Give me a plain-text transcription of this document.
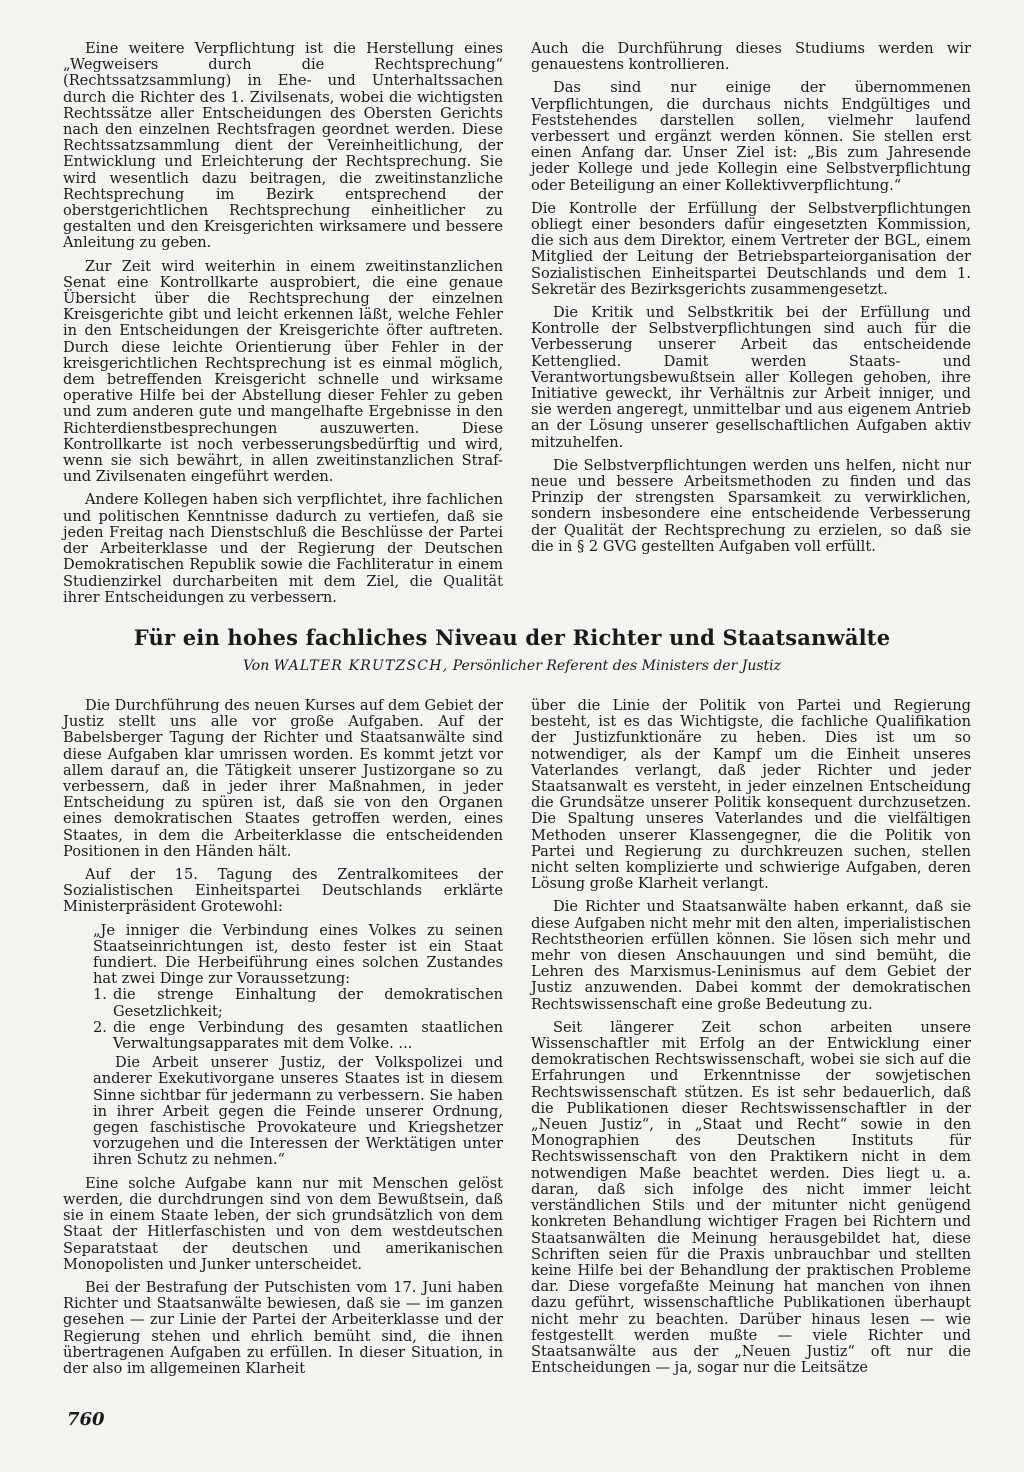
Eine weitere Verpflichtung ist die Herstellung eines „Wegweisers durch die Rechtsprechung“ (Rechtssatzsammlung) in Ehe- und Unterhaltssachen durch die Richter des 1. Zivilsenats, wobei die wichtigsten Rechtssätze aller Entscheidungen des Obersten Gerichts nach den einzelnen Rechtsfragen geordnet werden. Diese Rechtssatzsammlung dient der Vereinheitlichung, der Entwicklung und Erleichterung der Rechtsprechung. Sie wird wesentlich dazu beitragen, die zweitinstanzliche Rechtsprechung im Bezirk entsprechend der oberstgerichtlichen Rechtsprechung einheitlicher zu gestalten und den Kreisgerichten wirksamere und bessere Anleitung zu geben.

Zur Zeit wird weiterhin in einem zweitinstanzlichen Senat eine Kontrollkarte ausprobiert, die eine genaue Übersicht über die Rechtsprechung der einzelnen Kreisgerichte gibt und leicht erkennen läßt, welche Fehler in den Entscheidungen der Kreisgerichte öfter auftreten. Durch diese leichte Orientierung über Fehler in der kreisgerichtlichen Rechtsprechung ist es einmal möglich, dem betreffenden Kreisgericht schnelle und wirksame operative Hilfe bei der Abstellung dieser Fehler zu geben und zum anderen gute und mangelhafte Ergebnisse in den Richterdienstbesprechungen auszuwerten. Diese Kontrollkarte ist noch verbesserungsbedürftig und wird, wenn sie sich bewährt, in allen zweitinstanzlichen Straf- und Zivilsenaten eingeführt werden.

Andere Kollegen haben sich verpflichtet, ihre fachlichen und politischen Kenntnisse dadurch zu vertiefen, daß sie jeden Freitag nach Dienstschluß die Beschlüsse der Partei der Arbeiterklasse und der Regierung der Deutschen Demokratischen Republik sowie die Fachliteratur in einem Studienzirkel durcharbeiten mit dem Ziel, die Qualität ihrer Entscheidungen zu verbessern.

Auch die Durchführung dieses Studiums werden wir genauestens kontrollieren.

Das sind nur einige der übernommenen Verpflichtungen, die durchaus nichts Endgültiges und Feststehendes darstellen sollen, vielmehr laufend verbessert und ergänzt werden können. Sie stellen erst einen Anfang dar. Unser Ziel ist: „Bis zum Jahresende jeder Kollege und jede Kollegin eine Selbstverpflichtung oder Beteiligung an einer Kollektivverpflichtung.“

Die Kontrolle der Erfüllung der Selbstverpflichtungen obliegt einer besonders dafür eingesetzten Kommission, die sich aus dem Direktor, einem Vertreter der BGL, einem Mitglied der Leitung der Betriebsparteiorganisation der Sozialistischen Einheitspartei Deutschlands und dem 1. Sekretär des Bezirksgerichts zusammengesetzt.

Die Kritik und Selbstkritik bei der Erfüllung und Kontrolle der Selbstverpflichtungen sind auch für die Verbesserung unserer Arbeit das entscheidende Kettenglied. Damit werden Staats- und Verantwortungsbewußtsein aller Kollegen gehoben, ihre Initiative geweckt, ihr Verhältnis zur Arbeit inniger, und sie werden angeregt, unmittelbar und aus eigenem Antrieb an der Lösung unserer gesellschaftlichen Aufgaben aktiv mitzuhelfen.

Die Selbstverpflichtungen werden uns helfen, nicht nur neue und bessere Arbeitsmethoden zu finden und das Prinzip der strengsten Sparsamkeit zu verwirklichen, sondern insbesondere eine entscheidende Verbesserung der Qualität der Rechtsprechung zu erzielen, so daß sie die in § 2 GVG gestellten Aufgaben voll erfüllt.

Für ein hohes fachliches Niveau der Richter und Staatsanwälte
Von WALTER KRUTZSCH, Persönlicher Referent des Ministers der Justiz

Die Durchführung des neuen Kurses auf dem Gebiet der Justiz stellt uns alle vor große Aufgaben. Auf der Babelsberger Tagung der Richter und Staatsanwälte sind diese Aufgaben klar umrissen worden. Es kommt jetzt vor allem darauf an, die Tätigkeit unserer Justizorgane so zu verbessern, daß in jeder ihrer Maßnahmen, in jeder Entscheidung zu spüren ist, daß sie von den Organen eines demokratischen Staates getroffen werden, eines Staates, in dem die Arbeiterklasse die entscheidenden Positionen in den Händen hält.

Auf der 15. Tagung des Zentralkomitees der Sozialistischen Einheitspartei Deutschlands erklärte Ministerpräsident Grotewohl:

„Je inniger die Verbindung eines Volkes zu seinen Staatseinrichtungen ist, desto fester ist ein Staat fundiert. Die Herbeiführung eines solchen Zustandes hat zwei Dinge zur Voraussetzung:

1. die strenge Einhaltung der demokratischen Gesetzlichkeit;
2. die enge Verbindung des gesamten staatlichen Verwaltungsapparates mit dem Volke. ...

Die Arbeit unserer Justiz, der Volkspolizei und anderer Exekutivorgane unseres Staates ist in diesem Sinne sichtbar für jedermann zu verbessern. Sie haben in ihrer Arbeit gegen die Feinde unserer Ordnung, gegen faschistische Provokateure und Kriegshetzer vorzugehen und die Interessen der Werktätigen unter ihren Schutz zu nehmen.“

Eine solche Aufgabe kann nur mit Menschen gelöst werden, die durchdrungen sind von dem Bewußtsein, daß sie in einem Staate leben, der sich grundsätzlich von dem Staat der Hitlerfaschisten und von dem westdeutschen Separatstaat der deutschen und amerikanischen Monopolisten und Junker unterscheidet.

Bei der Bestrafung der Putschisten vom 17. Juni haben Richter und Staatsanwälte bewiesen, daß sie — im ganzen gesehen — zur Linie der Partei der Arbeiterklasse und der Regierung stehen und ehrlich bemüht sind, die ihnen übertragenen Aufgaben zu erfüllen. In dieser Situation, in der also im allgemeinen Klarheit

über die Linie der Politik von Partei und Regierung besteht, ist es das Wichtigste, die fachliche Qualifikation der Justizfunktionäre zu heben. Dies ist um so notwendiger, als der Kampf um die Einheit unseres Vaterlandes verlangt, daß jeder Richter und jeder Staatsanwalt es versteht, in jeder einzelnen Entscheidung die Grundsätze unserer Politik konsequent durchzusetzen. Die Spaltung unseres Vaterlandes und die vielfältigen Methoden unserer Klassengegner, die die Politik von Partei und Regierung zu durchkreuzen suchen, stellen nicht selten komplizierte und schwierige Aufgaben, deren Lösung große Klarheit verlangt.

Die Richter und Staatsanwälte haben erkannt, daß sie diese Aufgaben nicht mehr mit den alten, imperialistischen Rechtstheorien erfüllen können. Sie lösen sich mehr und mehr von diesen Anschauungen und sind bemüht, die Lehren des Marxismus-Leninismus auf dem Gebiet der Justiz anzuwenden. Dabei kommt der demokratischen Rechtswissenschaft eine große Bedeutung zu.

Seit längerer Zeit schon arbeiten unsere Wissenschaftler mit Erfolg an der Entwicklung einer demokratischen Rechtswissenschaft, wobei sie sich auf die Erfahrungen und Erkenntnisse der sowjetischen Rechtswissenschaft stützen. Es ist sehr bedauerlich, daß die Publikationen dieser Rechtswissenschaftler in der „Neuen Justiz“, in „Staat und Recht“ sowie in den Monographien des Deutschen Instituts für Rechtswissenschaft von den Praktikern nicht in dem notwendigen Maße beachtet werden. Dies liegt u. a. daran, daß sich infolge des nicht immer leicht verständlichen Stils und der mitunter nicht genügend konkreten Behandlung wichtiger Fragen bei Richtern und Staatsanwälten die Meinung herausgebildet hat, diese Schriften seien für die Praxis unbrauchbar und stellten keine Hilfe bei der Behandlung der praktischen Probleme dar. Diese vorgefaßte Meinung hat manchen von ihnen dazu geführt, wissenschaftliche Publikationen überhaupt nicht mehr zu beachten. Darüber hinaus lesen — wie festgestellt werden mußte — viele Richter und Staatsanwälte aus der „Neuen Justiz“ oft nur die Entscheidungen — ja, sogar nur die Leitsätze

760
